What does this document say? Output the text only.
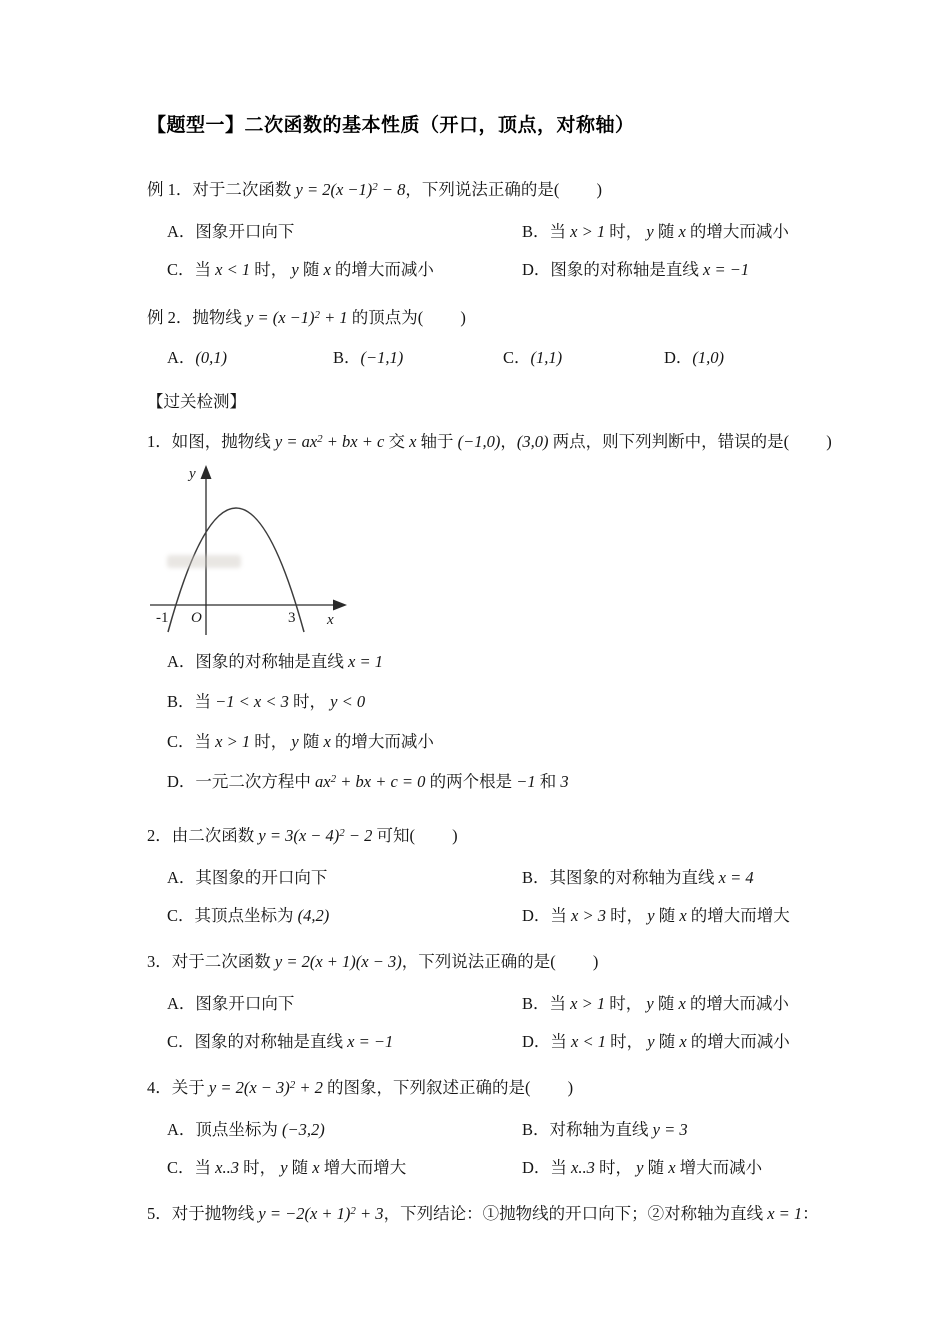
【题型一】二次函数的基本性质（开口，顶点，对称轴）

例 1．对于二次函数 $y = 2(x -1)^2 - 8$，下列说法正确的是(         )

A．图象开口向下	B．当 x > 1 时， y 随 x 的增大而减小

C．当 x < 1 时， y 随 x 的增大而减小	D．图象的对称轴是直线 x = −1

例 2．抛物线 $y = (x -1)^2 + 1$ 的顶点为(         )

A．(0,1)	B．(−1,1)	C．(1,1)	D．(1,0)

【过关检测】

1．如图，抛物线 $y = ax^2$ + bx + c 交 x 轴于 (−1,0)，(3,0) 两点，则下列判断中，错误的是(         )

y
x
O
-1	3

A．图象的对称轴是直线 x = 1

B．当 −1 < x < 3 时， y < 0

C．当 x > 1 时， y 随 x 的增大而减小

D．一元二次方程中 $ax^2$ + bx + c = 0 的两个根是 −1 和 3

2．由二次函数 $y = 3(x - 4)^2 - 2$ 可知(         )

A．其图象的开口向下	B．其图象的对称轴为直线 x = 4

C．其顶点坐标为 (4,2)	D．当 x > 3 时， y 随 x 的增大而增大

3．对于二次函数 y = 2(x + 1)(x − 3)，下列说法正确的是(         )

A．图象开口向下	B．当 x > 1 时， y 随 x 的增大而减小

C．图象的对称轴是直线 x = −1	D．当 x < 1 时， y 随 x 的增大而减小

4．关于 $y = 2(x - 3)^2 + 2$ 的图象，下列叙述正确的是(         )

A．顶点坐标为 (−3,2)	B．对称轴为直线 y = 3

C．当 x..3 时， y 随 x 增大而增大	D．当 x..3 时， y 随 x 增大而减小

5．对于抛物线 $y = -2(x + 1)^2 + 3$，下列结论：①抛物线的开口向下；②对称轴为直线 x = 1：
